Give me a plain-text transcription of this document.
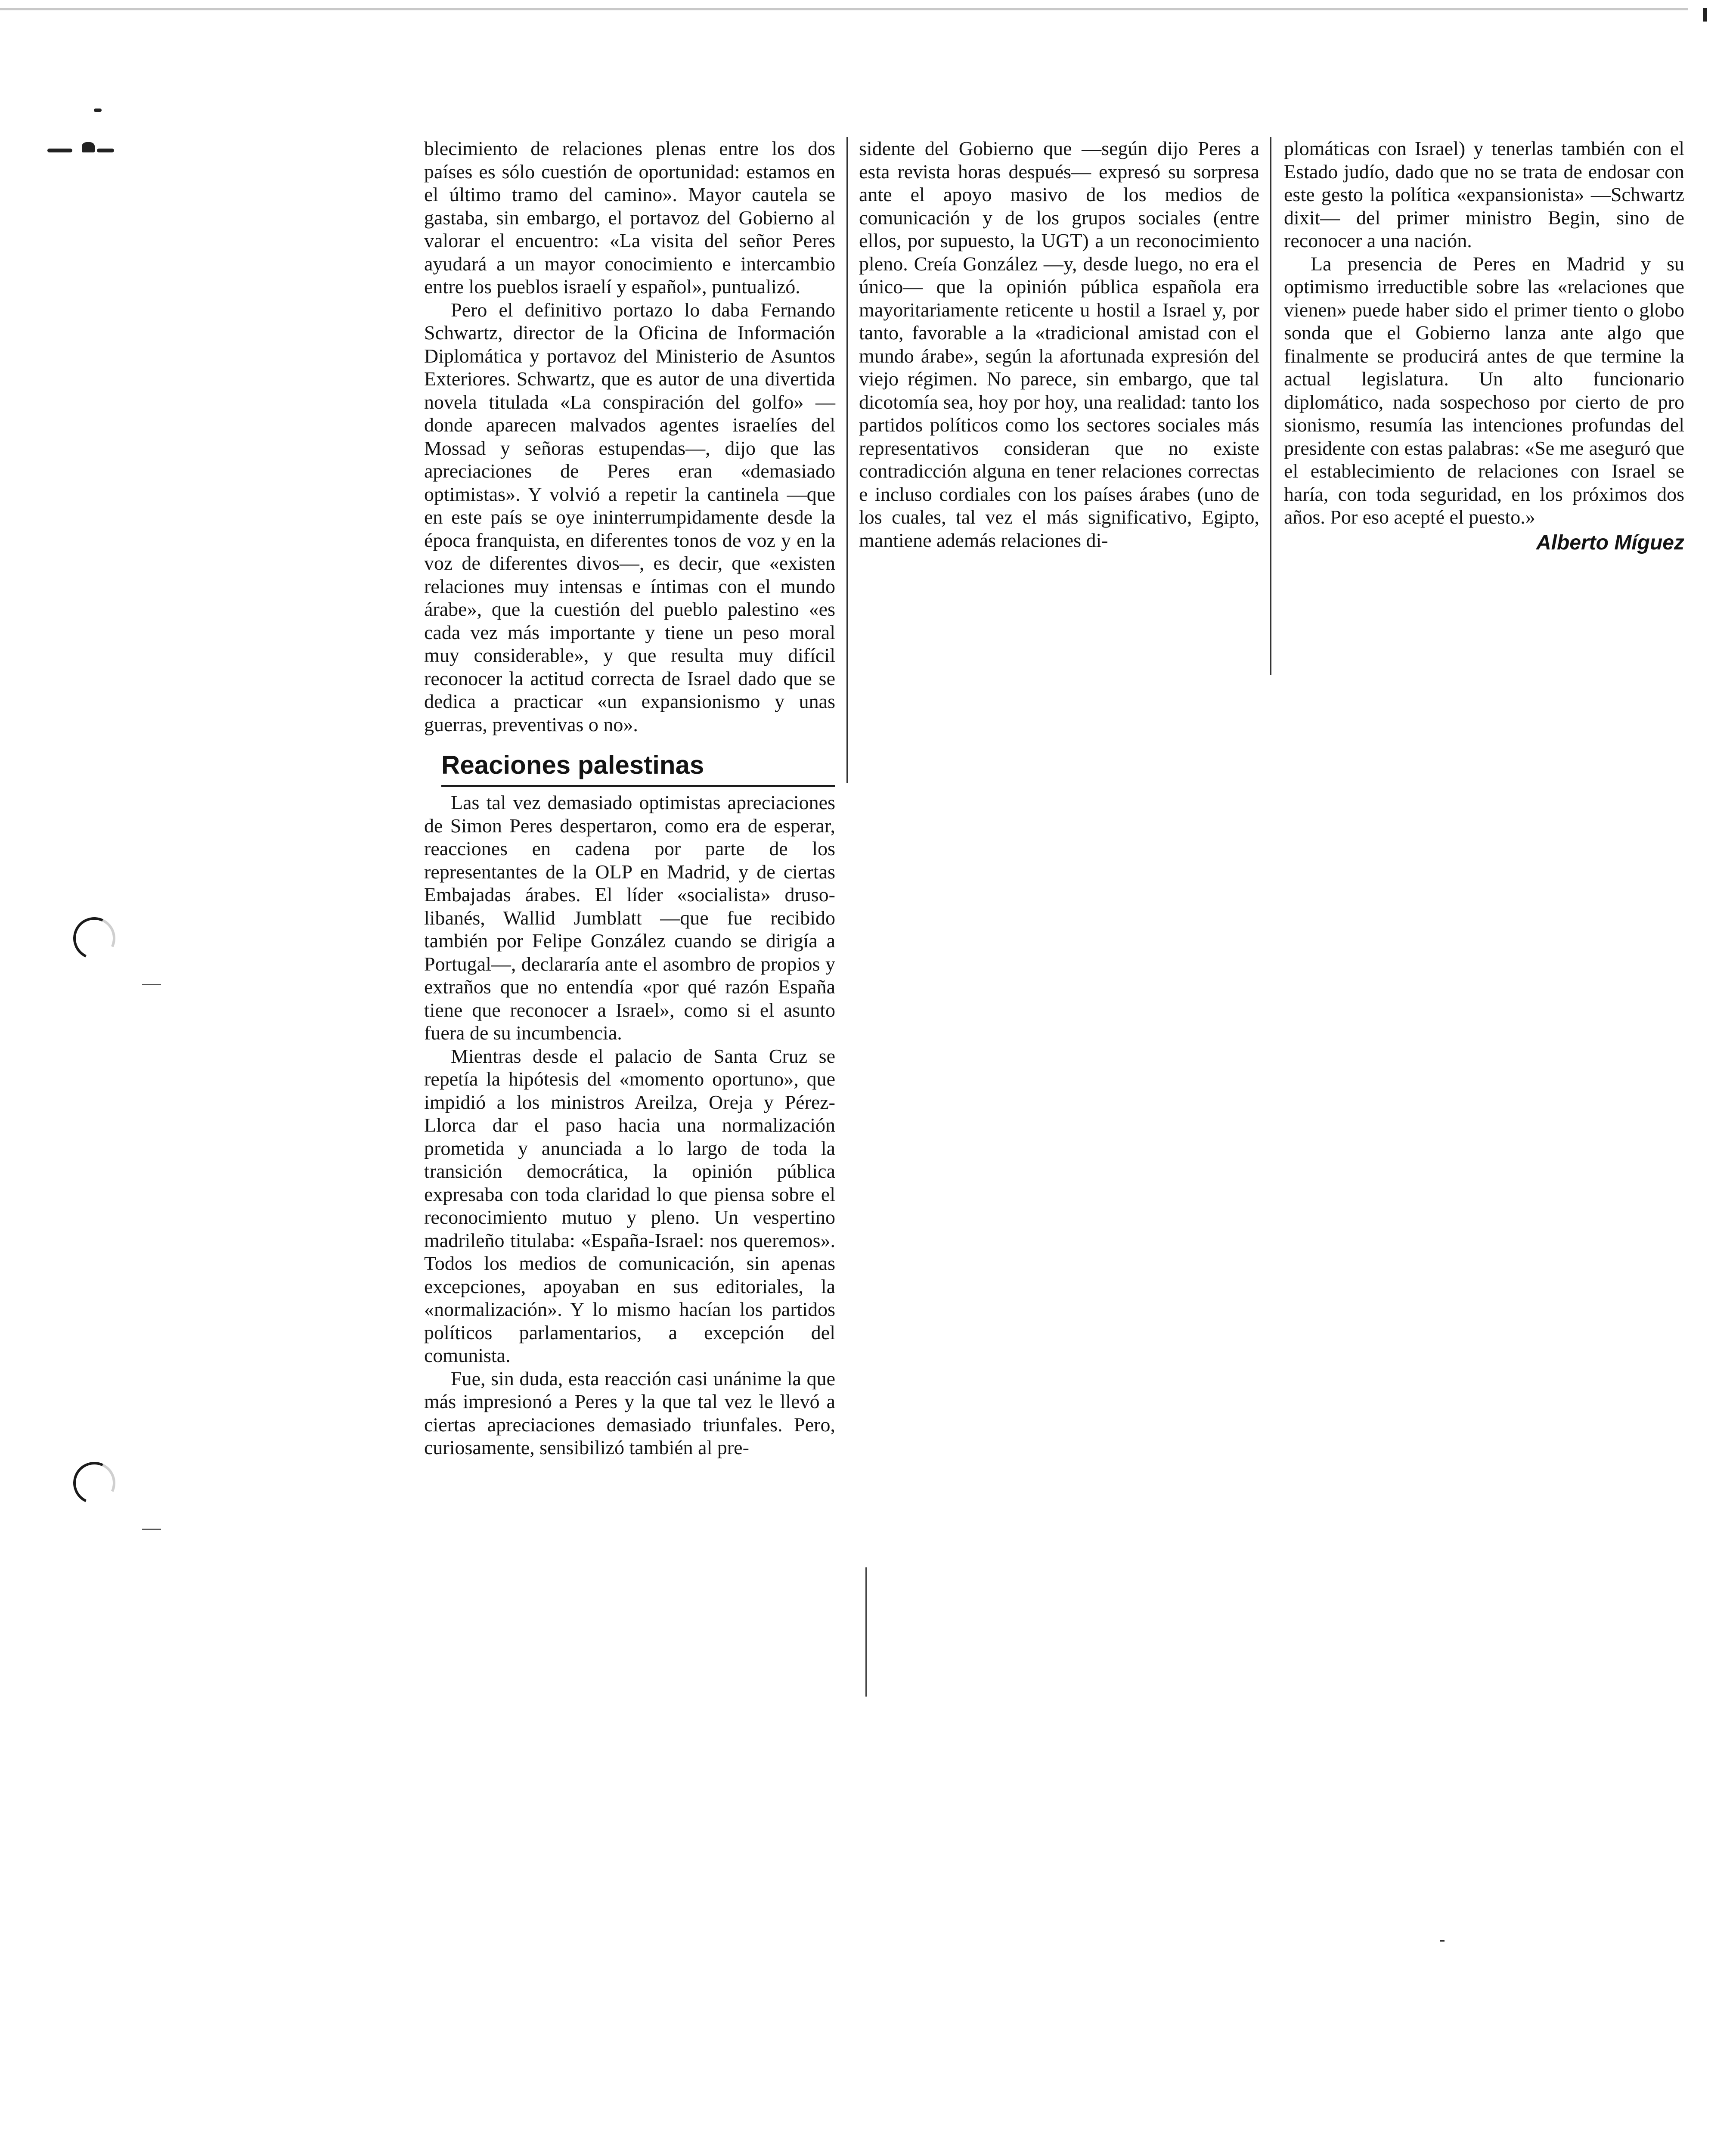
blecimiento de relaciones plenas entre los dos países es sólo cuestión de oportunidad: estamos en el último tramo del camino». Mayor cautela se gastaba, sin embargo, el portavoz del Gobierno al valorar el encuentro: «La visita del señor Peres ayudará a un mayor conocimiento e intercambio entre los pueblos israelí y español», puntualizó.

Pero el definitivo portazo lo daba Fernando Schwartz, director de la Oficina de Información Diplomática y portavoz del Ministerio de Asuntos Exteriores. Schwartz, que es autor de una divertida novela titulada «La conspiración del golfo» —donde aparecen malvados agentes israelíes del Mossad y señoras estupendas—, dijo que las apreciaciones de Peres eran «demasiado optimistas». Y volvió a repetir la cantinela —que en este país se oye ininterrumpidamente desde la época franquista, en diferentes tonos de voz y en la voz de diferentes divos—, es decir, que «existen relaciones muy intensas e íntimas con el mundo árabe», que la cuestión del pueblo palestino «es cada vez más importante y tiene un peso moral muy considerable», y que resulta muy difícil reconocer la actitud correcta de Israel dado que se dedica a practicar «un expansionismo y unas guerras, preventivas o no».

Reaciones palestinas

Las tal vez demasiado optimistas apreciaciones de Simon Peres despertaron, como era de esperar, reacciones en cadena por parte de los representantes de la OLP en Madrid, y de ciertas Embajadas árabes. El líder «socialista» druso-libanés, Wallid Jumblatt —que fue recibido también por Felipe González cuando se dirigía a Portugal—, declararía ante el asombro de propios y extraños que no entendía «por qué razón España tiene que reconocer a Israel», como si el asunto fuera de su incumbencia.

Mientras desde el palacio de Santa Cruz se repetía la hipótesis del «momento oportuno», que impidió a los ministros Areilza, Oreja y Pérez-Llorca dar el paso hacia una normalización prometida y anunciada a lo largo de toda la transición democrática, la opinión pública expresaba con toda claridad lo que piensa sobre el reconocimiento mutuo y pleno. Un vespertino madrileño titulaba: «España-Israel: nos queremos». Todos los medios de comunicación, sin apenas excepciones, apoyaban en sus editoriales, la «normalización». Y lo mismo hacían los partidos políticos parlamentarios, a excepción del comunista.

Fue, sin duda, esta reacción casi unánime la que más impresionó a Peres y la que tal vez le llevó a ciertas apreciaciones demasiado triunfales. Pero, curiosamente, sensibilizó también al pre-

sidente del Gobierno que —según dijo Peres a esta revista horas después— expresó su sorpresa ante el apoyo masivo de los medios de comunicación y de los grupos sociales (entre ellos, por supuesto, la UGT) a un reconocimiento pleno. Creía González —y, desde luego, no era el único— que la opinión pública española era mayoritariamente reticente u hostil a Israel y, por tanto, favorable a la «tradicional amistad con el mundo árabe», según la afortunada expresión del viejo régimen. No parece, sin embargo, que tal dicotomía sea, hoy por hoy, una realidad: tanto los partidos políticos como los sectores sociales más representativos consideran que no existe contradicción alguna en tener relaciones correctas e incluso cordiales con los países árabes (uno de los cuales, tal vez el más significativo, Egipto, mantiene además relaciones di-

plomáticas con Israel) y tenerlas también con el Estado judío, dado que no se trata de endosar con este gesto la política «expansionista» —Schwartz dixit— del primer ministro Begin, sino de reconocer a una nación.

La presencia de Peres en Madrid y su optimismo irreductible sobre las «relaciones que vienen» puede haber sido el primer tiento o globo sonda que el Gobierno lanza ante algo que finalmente se producirá antes de que termine la actual legislatura. Un alto funcionario diplomático, nada sospechoso por cierto de pro sionismo, resumía las intenciones profundas del presidente con estas palabras: «Se me aseguró que el establecimiento de relaciones con Israel se haría, con toda seguridad, en los próximos dos años. Por eso acepté el puesto.»

Alberto Míguez
